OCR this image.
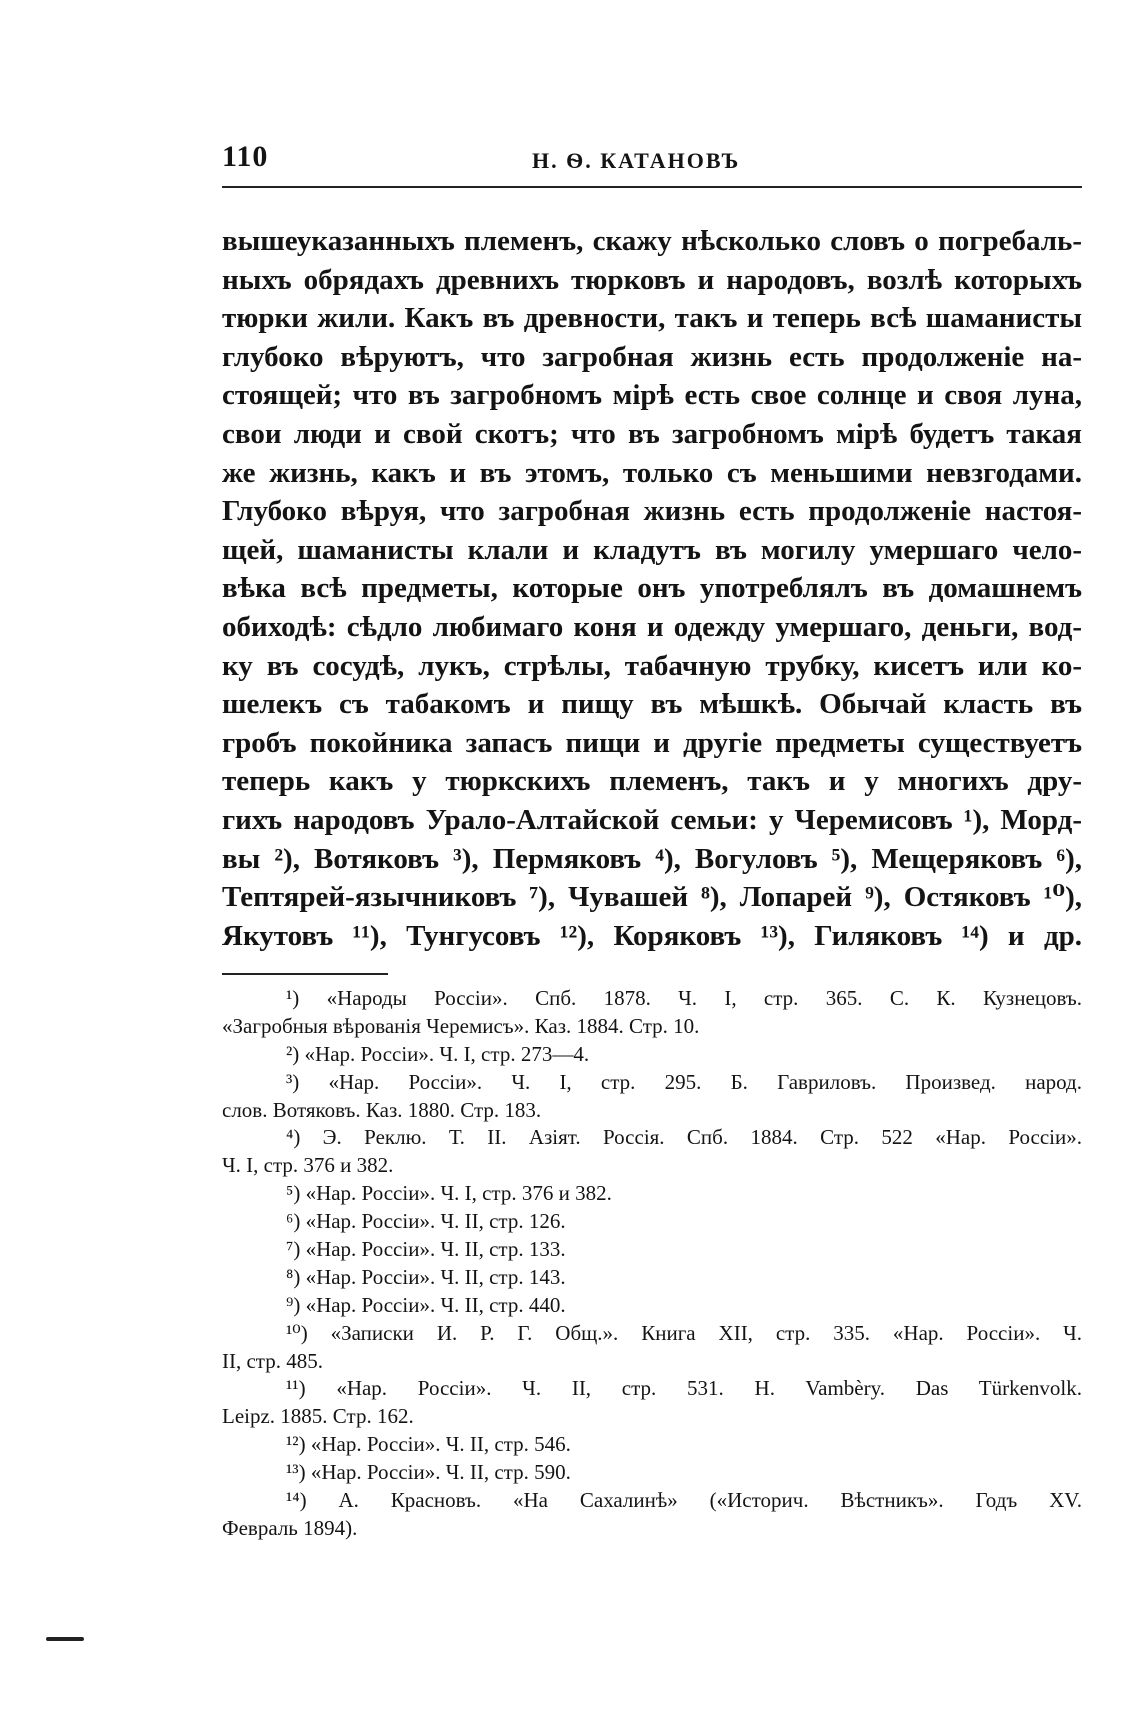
110	Н. Ѳ. КАТАНОВЪ
вышеуказанныхъ племенъ, скажу нѣсколько словъ о погребаль-
ныхъ обрядахъ древнихъ тюрковъ и народовъ, возлѣ которыхъ
тюрки жили. Какъ въ древности, такъ и теперь всѣ шаманисты
глубоко вѣруютъ, что загробная жизнь есть продолженіе на-
стоящей; что въ загробномъ мірѣ есть свое солнце и своя луна,
свои люди и свой скотъ; что въ загробномъ мірѣ будетъ такая
же жизнь, какъ и въ этомъ, только съ меньшими невзгодами.
Глубоко вѣруя, что загробная жизнь есть продолженіе настоя-
щей, шаманисты клали и кладутъ въ могилу умершаго чело-
вѣка всѣ предметы, которые онъ употреблялъ въ домашнемъ
обиходѣ: сѣдло любимаго коня и одежду умершаго, деньги, вод-
ку въ сосудѣ, лукъ, стрѣлы, табачную трубку, кисетъ или ко-
шелекъ съ табакомъ и пищу въ мѣшкѣ. Обычай класть въ
гробъ покойника запасъ пищи и другіе предметы существуетъ
теперь какъ у тюркскихъ племенъ, такъ и у многихъ дру-
гихъ народовъ Урало-Алтайской семьи: у Черемисовъ ¹), Морд-
вы ²), Вотяковъ ³), Пермяковъ ⁴), Вогуловъ ⁵), Мещеряковъ ⁶),
Тептярей-язычниковъ ⁷), Чувашей ⁸), Лопарей ⁹), Остяковъ ¹⁰),
Якутовъ ¹¹), Тунгусовъ ¹²), Коряковъ ¹³), Гиляковъ ¹⁴) и др.
¹) «Народы Россіи». Спб. 1878. Ч. I, стр. 365. С. К. Кузнецовъ.
«Загробныя вѣрованія Черемисъ». Каз. 1884. Стр. 10.
²) «Нар. Россіи». Ч. I, стр. 273—4.
³) «Нар. Россіи». Ч. I, стр. 295. Б. Гавриловъ. Произвед. народ.
слов. Вотяковъ. Каз. 1880. Стр. 183.
⁴) Э. Реклю. Т. II. Азіят. Россія. Спб. 1884. Стр. 522 «Нар. Россіи».
Ч. I, стр. 376 и 382.
⁵) «Нар. Россіи». Ч. I, стр. 376 и 382.
⁶) «Нар. Россіи». Ч. II, стр. 126.
⁷) «Нар. Россіи». Ч. II, стр. 133.
⁸) «Нар. Россіи». Ч. II, стр. 143.
⁹) «Нар. Россіи». Ч. II, стр. 440.
¹⁰) «Записки И. Р. Г. Общ.». Книга XII, стр. 335. «Нар. Россіи». Ч.
II, стр. 485.
¹¹) «Нар. Россіи». Ч. II, стр. 531. H. Vambèry. Das Türkenvolk.
Leipz. 1885. Стр. 162.
¹²) «Нар. Россіи». Ч. II, стр. 546.
¹³) «Нар. Россіи». Ч. II, стр. 590.
¹⁴) А. Красновъ. «На Сахалинѣ» («Историч. Вѣстникъ». Годъ XV.
Февраль 1894).
